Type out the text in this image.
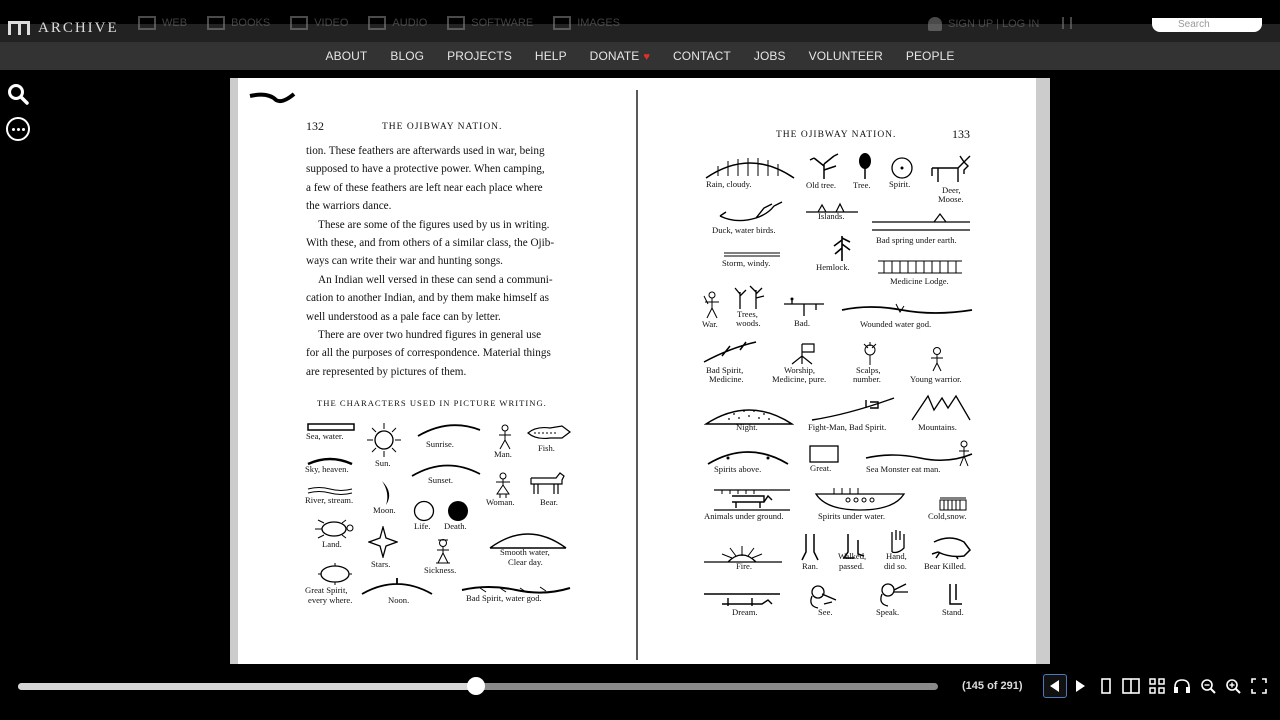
ARCHIVE	WEB	BOOKS	VIDEO	AUDIO	SOFTWARE	IMAGES	SIGN UP | LOG IN	Search
ABOUT BLOG PROJECTS HELP DONATE ♥ CONTACT JOBS VOLUNTEER PEOPLE
132	THE OJIBWAY NATION.
tion. These feathers are afterwards used in war, being
supposed to have a protective power. When camping,
a few of these feathers are left near each place where
the warriors dance.
These are some of the figures used by us in writing.
With these, and from others of a similar class, the Ojib-
ways can write their war and hunting songs.
An Indian well versed in these can send a communi-
cation to another Indian, and by them make himself as
well understood as a pale face can by letter.
There are over two hundred figures in general use
for all the purposes of correspondence. Material things
are represented by pictures of them.
THE CHARACTERS USED IN PICTURE WRITING.
Sea, water.
Sun.
Sunrise.
Man.
Fish.
Sky, heaven.
Sunset.
River, stream.
Moon.
Life. Death.
Woman.	Bear.
Land.
Stars.
Sickness.
Smooth water,
Clear day.
Great Spirit,
every where.	Noon.	Bad Spirit, water god.
THE OJIBWAY NATION.	133
Rain, cloudy.	Old tree. Tree. Spirit.
Deer,
Moose.
Duck, water birds.
Islands.
Bad spring under earth.
Storm, windy.	Hemlock.
Medicine Lodge.
War.
Trees,
woods.	Bad.	Wounded water god.
Bad Spirit,
Medicine.
Worship,
Medicine, pure.
Scalps,
number.	Young warrior.
Night.	Fight-Man, Bad Spirit.	Mountains.
Spirits above.	Great.	Sea Monster eat man.
Animals under ground.	Spirits under water.	Cold,snow.
Fire.	Ran.
Walked,
passed.
Hand,
did so. Bear Killed.
Dream.	See.	Speak.	Stand.
(145 of 291)
